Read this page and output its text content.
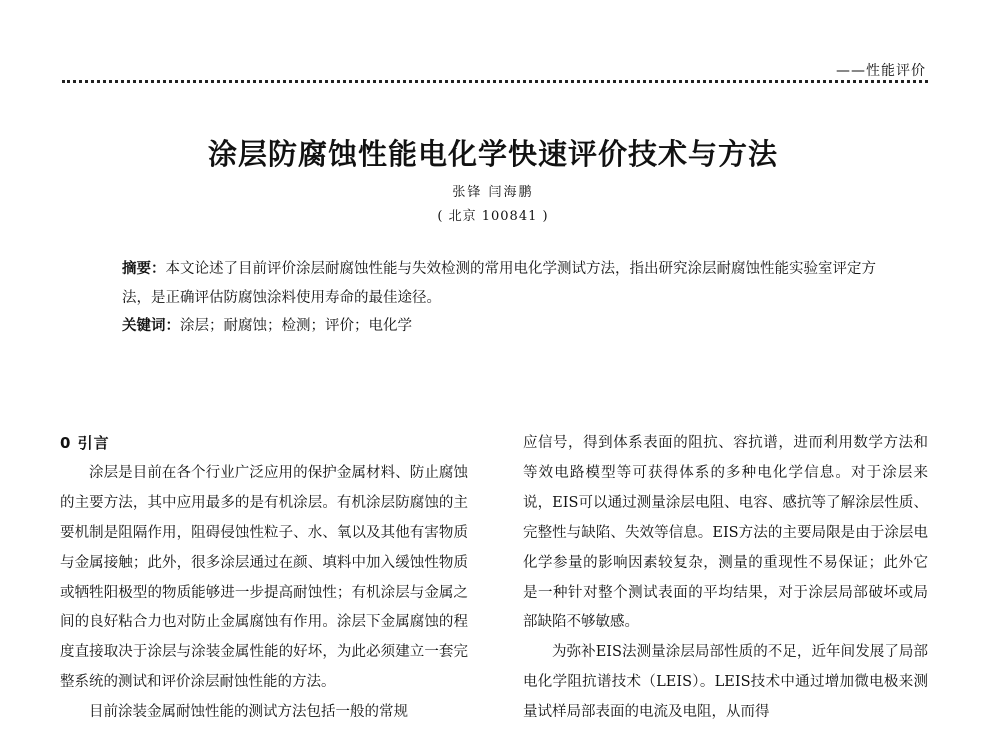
——性能评价
涂层防腐蚀性能电化学快速评价技术与方法
张锋 闫海鹏
( 北京 100841 )
摘要：本文论述了目前评价涂层耐腐蚀性能与失效检测的常用电化学测试方法，指出研究涂层耐腐蚀性能实验室评定方法，是正确评估防腐蚀涂料使用寿命的最佳途径。
关键词：涂层；耐腐蚀；检测；评价；电化学
0 引言

涂层是目前在各个行业广泛应用的保护金属材料、防止腐蚀的主要方法，其中应用最多的是有机涂层。有机涂层防腐蚀的主要机制是阻隔作用，阻碍侵蚀性粒子、水、氧以及其他有害物质与金属接触；此外，很多涂层通过在颜、填料中加入缓蚀性物质或牺牲阳极型的物质能够进一步提高耐蚀性；有机涂层与金属之间的良好粘合力也对防止金属腐蚀有作用。涂层下金属腐蚀的程度直接取决于涂层与涂装金属性能的好坏，为此必须建立一套完整系统的测试和评价涂层耐蚀性能的方法。

目前涂装金属耐蚀性能的测试方法包括一般的常规

应信号，得到体系表面的阻抗、容抗谱，进而利用数学方法和等效电路模型等可获得体系的多种电化学信息。对于涂层来说，EIS可以通过测量涂层电阻、电容、感抗等了解涂层性质、完整性与缺陷、失效等信息。EIS方法的主要局限是由于涂层电化学参量的影响因素较复杂，测量的重现性不易保证；此外它是一种针对整个测试表面的平均结果，对于涂层局部破坏或局部缺陷不够敏感。

为弥补EIS法测量涂层局部性质的不足，近年间发展了局部电化学阻抗谱技术（LEIS）。LEIS技术中通过增加微电极来测量试样局部表面的电流及电阻，从而得
